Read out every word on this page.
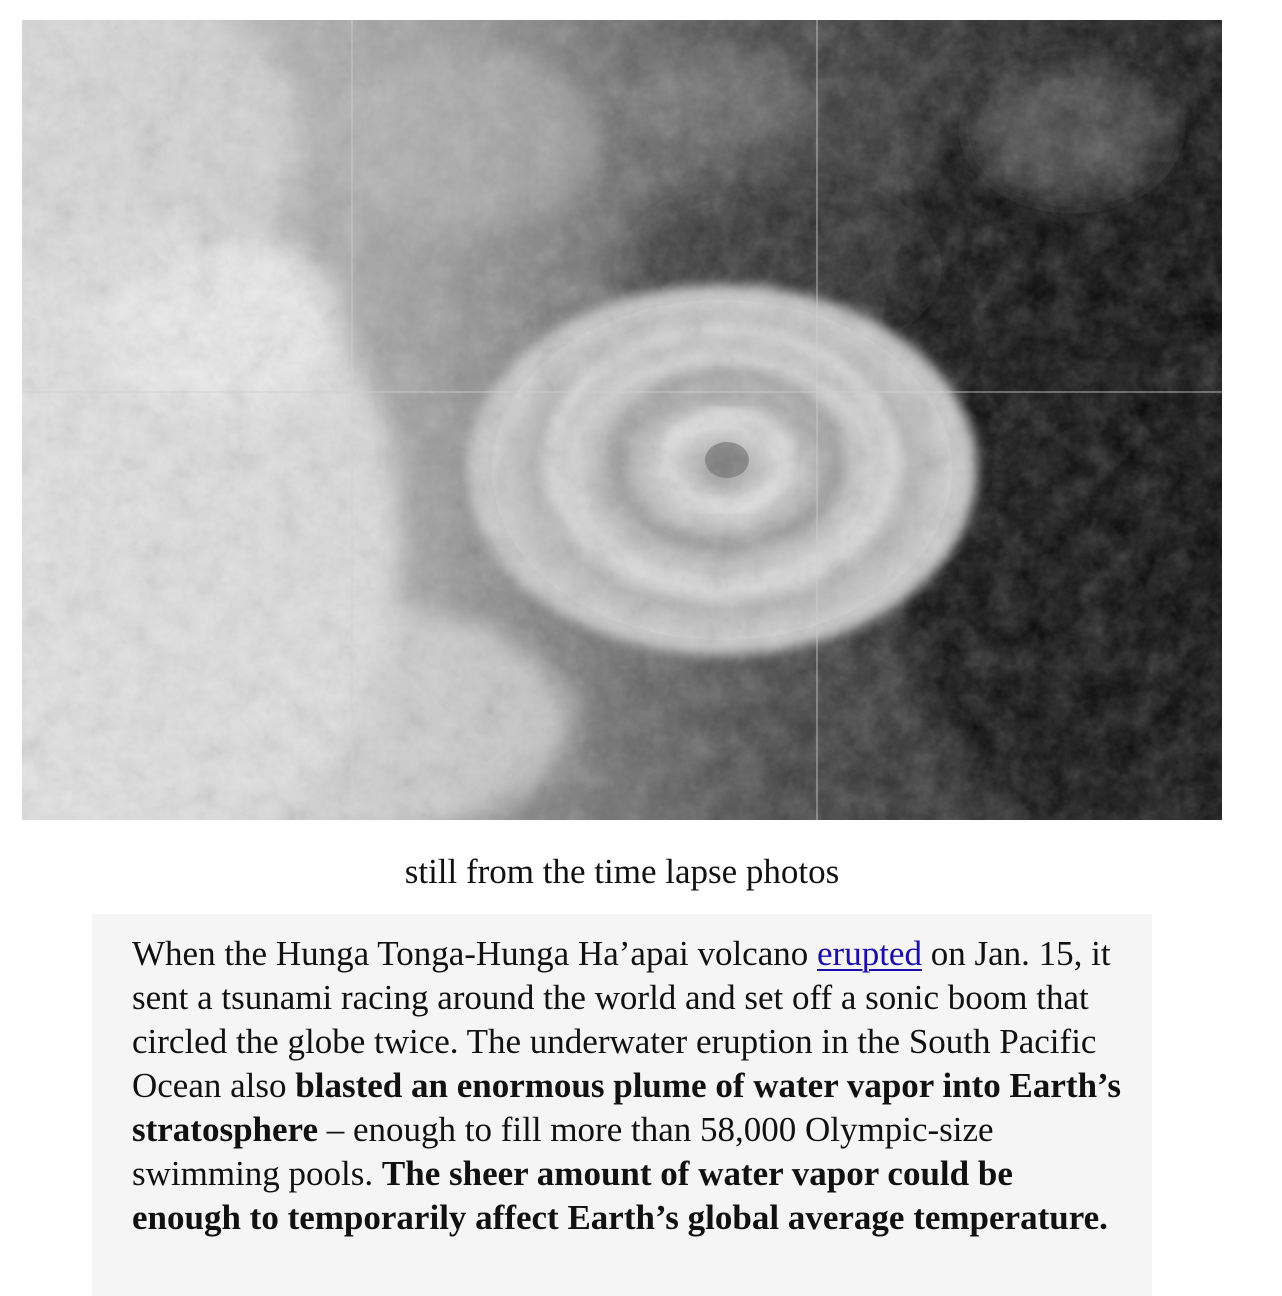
still from the time lapse photos

When the Hunga Tonga-Hunga Ha’apai volcano erupted on Jan. 15, it sent a tsunami racing around the world and set off a sonic boom that circled the globe twice. The underwater eruption in the South Pacific Ocean also blasted an enormous plume of water vapor into Earth’s stratosphere – enough to fill more than 58,000 Olympic-size swimming pools. The sheer amount of water vapor could be enough to temporarily affect Earth’s global average temperature.
